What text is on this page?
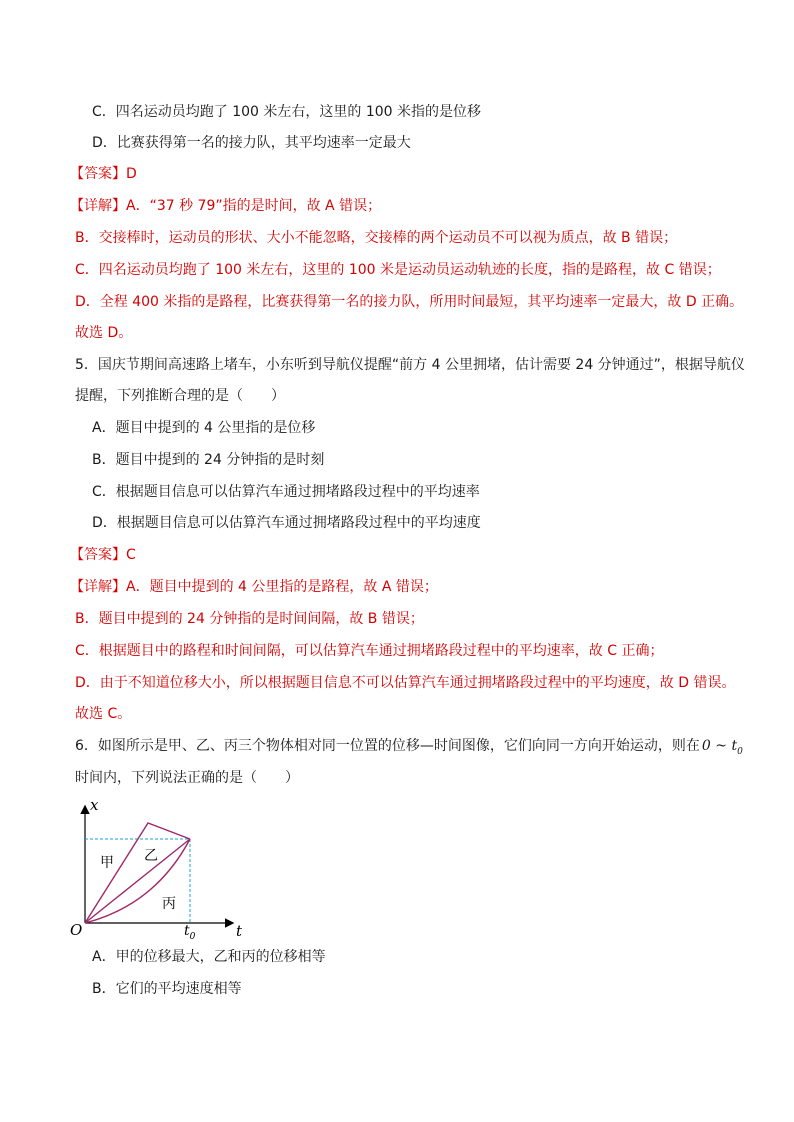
C．四名运动员均跑了 100 米左右，这里的 100 米指的是位移
D．比赛获得第一名的接力队，其平均速率一定最大
【答案】D
【详解】A．“37 秒 79”指的是时间，故 A 错误；
B．交接棒时，运动员的形状、大小不能忽略，交接棒的两个运动员不可以视为质点，故 B 错误；
C．四名运动员均跑了 100 米左右，这里的 100 米是运动员运动轨迹的长度，指的是路程，故 C 错误；
D．全程 400 米指的是路程，比赛获得第一名的接力队，所用时间最短，其平均速率一定最大，故 D 正确。
故选 D。
5．国庆节期间高速路上堵车，小东听到导航仪提醒“前方 4 公里拥堵，估计需要 24 分钟通过”，根据导航仪
提醒，下列推断合理的是（　　）
A．题目中提到的 4 公里指的是位移
B．题目中提到的 24 分钟指的是时刻
C．根据题目信息可以估算汽车通过拥堵路段过程中的平均速率
D．根据题目信息可以估算汽车通过拥堵路段过程中的平均速度
【答案】C
【详解】A．题目中提到的 4 公里指的是路程，故 A 错误；
B．题目中提到的 24 分钟指的是时间间隔，故 B 错误；
C．根据题目中的路程和时间间隔，可以估算汽车通过拥堵路段过程中的平均速率，故 C 正确；
D．由于不知道位移大小，所以根据题目信息不可以估算汽车通过拥堵路段过程中的平均速度，故 D 错误。
故选 C。
6．如图所示是甲、乙、丙三个物体相对同一位置的位移—时间图像，它们向同一方向开始运动，则在 0 ~ $t_0$
时间内，下列说法正确的是（　　）
x
t
O	$t_0$
甲 乙
丙
A．甲的位移最大，乙和丙的位移相等
B．它们的平均速度相等
